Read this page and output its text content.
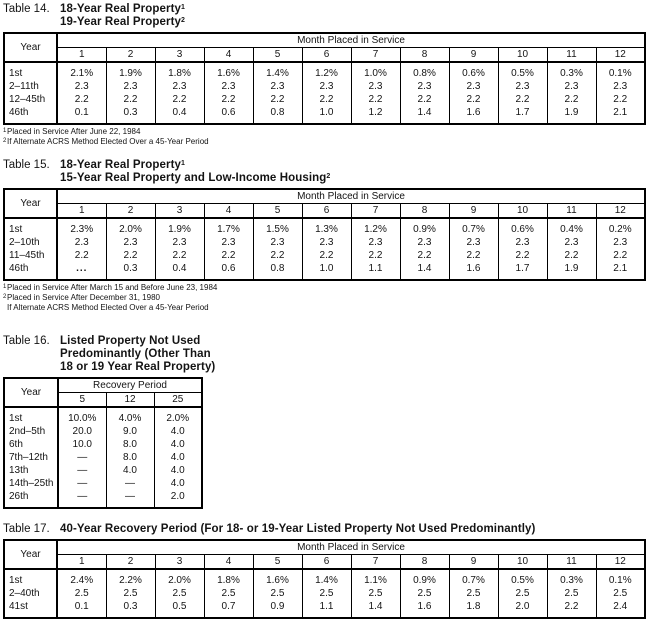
Table 14. 18-Year Real Property$^1$
19-Year Real Property$^2$
Year	Month Placed in Service											
	1	2	3	4	5	6	7	8	9	10	11	12
1st	2.1%	1.9%	1.8%	1.6%	1.4%	1.2%	1.0%	0.8%	0.6%	0.5%	0.3%	0.1%
2–11th	2.3	2.3	2.3	2.3	2.3	2.3	2.3	2.3	2.3	2.3	2.3	2.3
12–45th	2.2	2.2	2.2	2.2	2.2	2.2	2.2	2.2	2.2	2.2	2.2	2.2
46th	0.1	0.3	0.4	0.6	0.8	1.0	1.2	1.4	1.6	1.7	1.9	2.1
1Placed in Service After June 22, 1984
2If Alternate ACRS Method Elected Over a 45-Year Period
Table 15. 18-Year Real Property$^1$
15-Year Real Property and Low-Income Housing$^2$
Year	Month Placed in Service											
	1	2	3	4	5	6	7	8	9	10	11	12
1st	2.3%	2.0%	1.9%	1.7%	1.5%	1.3%	1.2%	0.9%	0.7%	0.6%	0.4%	0.2%
2–10th	2.3	2.3	2.3	2.3	2.3	2.3	2.3	2.3	2.3	2.3	2.3	2.3
11–45th	2.2	2.2	2.2	2.2	2.2	2.2	2.2	2.2	2.2	2.2	2.2	2.2
46th	...	0.3	0.4	0.6	0.8	1.0	1.1	1.4	1.6	1.7	1.9	2.1
1Placed in Service After March 15 and Before June 23, 1984
2Placed in Service After December 31, 1980
If Alternate ACRS Method Elected Over a 45-Year Period
Table 16. Listed Property Not Used
Predominantly (Other Than
18 or 19 Year Real Property)
Year	Recovery Period		
	5	12	25
1st	10.0%	4.0%	2.0%
2nd–5th	20.0	9.0	4.0
6th	10.0	8.0	4.0
7th–12th	—	8.0	4.0
13th	—	4.0	4.0
14th–25th	—	—	4.0
26th	—	—	2.0
Table 17. 40-Year Recovery Period (For 18- or 19-Year Listed Property Not Used Predominantly)
Year	Month Placed in Service											
	1	2	3	4	5	6	7	8	9	10	11	12
1st	2.4%	2.2%	2.0%	1.8%	1.6%	1.4%	1.1%	0.9%	0.7%	0.5%	0.3%	0.1%
2–40th	2.5	2.5	2.5	2.5	2.5	2.5	2.5	2.5	2.5	2.5	2.5	2.5
41st	0.1	0.3	0.5	0.7	0.9	1.1	1.4	1.6	1.8	2.0	2.2	2.4
